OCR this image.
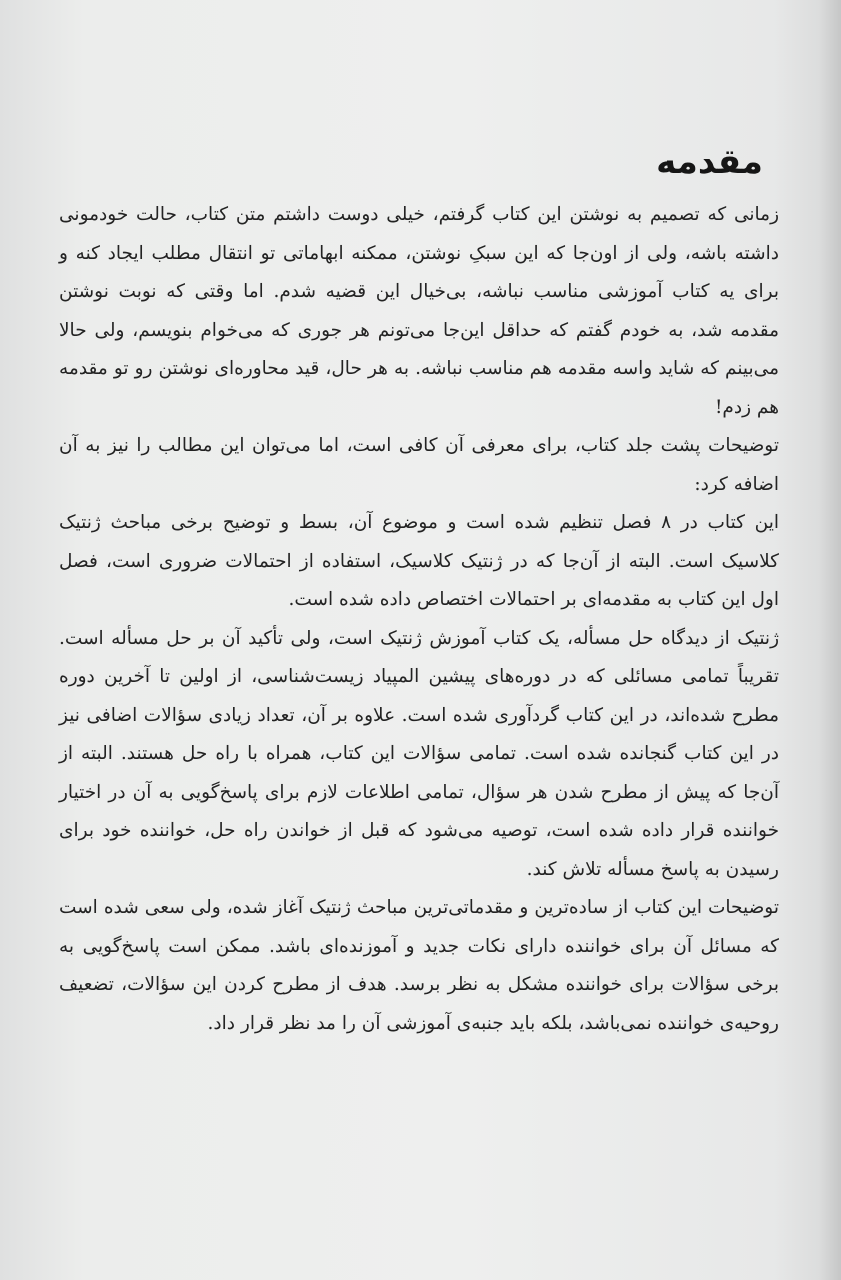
مقدمه

زمانی که تصمیم به نوشتن این کتاب گرفتم، خیلی دوست داشتم متن کتاب، حالت خودمونی داشته باشه، ولی از اون‌جا که این سبکِ نوشتن، ممکنه ابهاماتی تو انتقال مطلب ایجاد کنه و برای یه کتاب آموزشی مناسب نباشه، بی‌خیال این قضیه شدم. اما وقتی که نوبت نوشتن مقدمه شد، به خودم گفتم که حداقل این‌جا می‌تونم هر جوری که می‌خوام بنویسم، ولی حالا می‌بینم که شاید واسه مقدمه هم مناسب نباشه. به هر حال، قید محاوره‌ای نوشتن رو تو مقدمه هم زدم!

توضیحات پشت جلد کتاب، برای معرفی آن کافی است، اما می‌توان این مطالب را نیز به آن اضافه کرد:

این کتاب در ۸ فصل تنظیم شده است و موضوع آن، بسط و توضیح برخی مباحث ژنتیک کلاسیک است. البته از آن‌جا که در ژنتیک کلاسیک، استفاده از احتمالات ضروری است، فصل اول این کتاب به مقدمه‌ای بر احتمالات اختصاص داده شده است.

ژنتیک از دیدگاه حل مسأله، یک کتاب آموزش ژنتیک است، ولی تأکید آن بر حل مسأله است. تقریباً تمامی مسائلی که در دوره‌های پیشین المپیاد زیست‌شناسی، از اولین تا آخرین دوره مطرح شده‌اند، در این کتاب گردآوری شده است. علاوه بر آن، تعداد زیادی سؤالات اضافی نیز در این کتاب گنجانده شده است. تمامی سؤالات این کتاب، همراه با راه حل هستند. البته از آن‌جا که پیش از مطرح شدن هر سؤال، تمامی اطلاعات لازم برای پاسخ‌گویی به آن در اختیار خواننده قرار داده شده است، توصیه می‌شود که قبل از خواندن راه حل، خواننده خود برای رسیدن به پاسخ مسأله تلاش کند.

توضیحات این کتاب از ساده‌ترین و مقدماتی‌ترین مباحث ژنتیک آغاز شده، ولی سعی شده است که مسائل آن برای خواننده دارای نکات جدید و آموزنده‌ای باشد. ممکن است پاسخ‌گویی به برخی سؤالات برای خواننده مشکل به نظر برسد. هدف از مطرح کردن این سؤالات، تضعیف روحیه‌ی خواننده نمی‌باشد، بلکه باید جنبه‌ی آموزشی آن را مد نظر قرار داد.
